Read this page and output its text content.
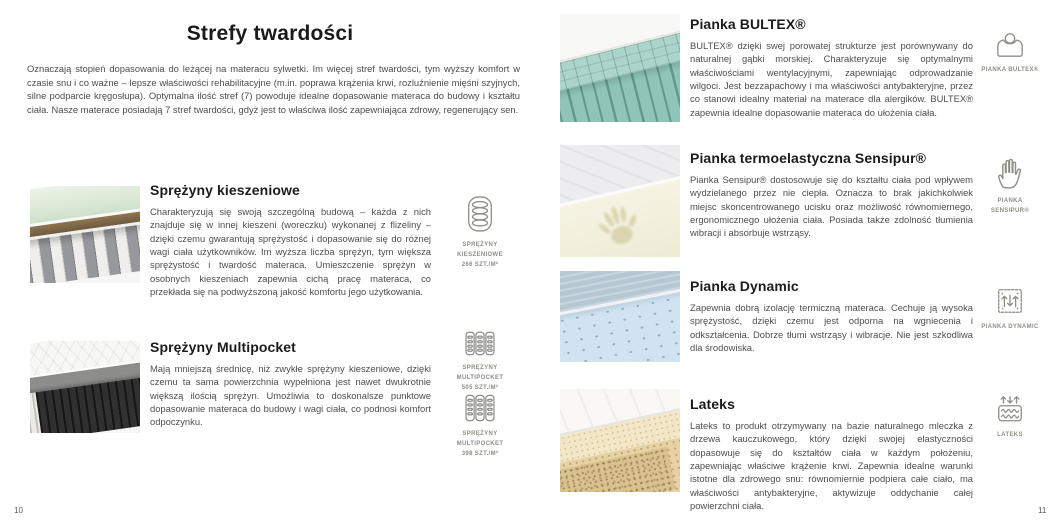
Strefy twardości
Oznaczają stopień dopasowania do leżącej na materacu sylwetki. Im więcej stref twardości, tym wyższy komfort w czasie snu i co ważne – lepsze właściwości rehabilitacyjne (m.in. poprawa krążenia krwi, rozluźnienie mięśni szyjnych, silne podparcie kręgosłupa). Optymalna ilość stref (7) powoduje idealne dopasowanie materaca do budowy i kształtu ciała. Nasze materace posiadają 7 stref twardości, gdyż jest to właściwa ilość zapewniająca zdrowy, regenerujący sen.
Sprężyny kieszeniowe

Charakteryzują się swoją szczególną budową – każda z nich znajduje się w innej kieszeni (woreczku) wykonanej z flizeliny – dzięki czemu gwarantują sprężystość i dopasowanie się do różnej wagi ciała użytkowników. Im wyższa liczba sprężyn, tym większa sprężystość i twardość materaca. Umieszczenie sprężyn w osobnych kieszeniach zapewnia cichą pracę materaca, co przekłada się na podwyższoną jakość komfortu jego użytkowania.

SPRĘŻYNY KIESZENIOWE
266 SZT./M²
Sprężyny Multipocket

Mają mniejszą średnicę, niż zwykłe sprężyny kieszeniowe, dzięki czemu ta sama powierzchnia wypełniona jest nawet dwukrotnie większą ilością sprężyn. Umożliwia to doskonalsze punktowe dopasowanie materaca do budowy i wagi ciała, co podnosi komfort odpoczynku.

SPRĘŻYNY MULTIPOCKET
505 SZT./M²
SPRĘŻYNY MULTIPOCKET
398 SZT./M²
10
Pianka BULTEX®

BULTEX® dzięki swej porowatej strukturze jest porównywany do naturalnej gąbki morskiej. Charakteryzuje się optymalnymi właściwościami wentylacyjnymi, zapewniając odprowadzanie wilgoci. Jest bezzapachowy i ma właściwości antybakteryjne, przez co stanowi idealny materiał na materace dla alergików. BULTEX® zapewnia idealne dopasowanie materaca do ułożenia ciała.

PIANKA BULTEX®
Pianka termoelastyczna Sensipur®

Pianka Sensipur® dostosowuje się do kształtu ciała pod wpływem wydzielanego przez nie ciepła. Oznacza to brak jakichkolwiek miejsc skoncentrowanego ucisku oraz możliwość równomiernego, ergonomicznego ułożenia ciała. Posiada także zdolność tłumienia wibracji i absorbuje wstrząsy.

PIANKA SENSIPUR®
Pianka Dynamic

Zapewnia dobrą izolację termiczną materaca. Cechuje ją wysoka sprężystość, dzięki czemu jest odporna na wgniecenia i odkształcenia. Dobrze tłumi wstrząsy i wibracje. Nie jest szkodliwa dla środowiska.

PIANKA DYNAMIC
Lateks

Lateks to produkt otrzymywany na bazie naturalnego mleczka z drzewa kauczukowego, który dzięki swojej elastyczności dopasowuje się do kształtów ciała w każdym położeniu, zapewniając właściwe krążenie krwi. Zapewnia idealne warunki istotne dla zdrowego snu: równomiernie podpiera całe ciało, ma właściwości antybakteryjne, aktywizuje oddychanie całej powierzchni ciała.

LATEKS
11
